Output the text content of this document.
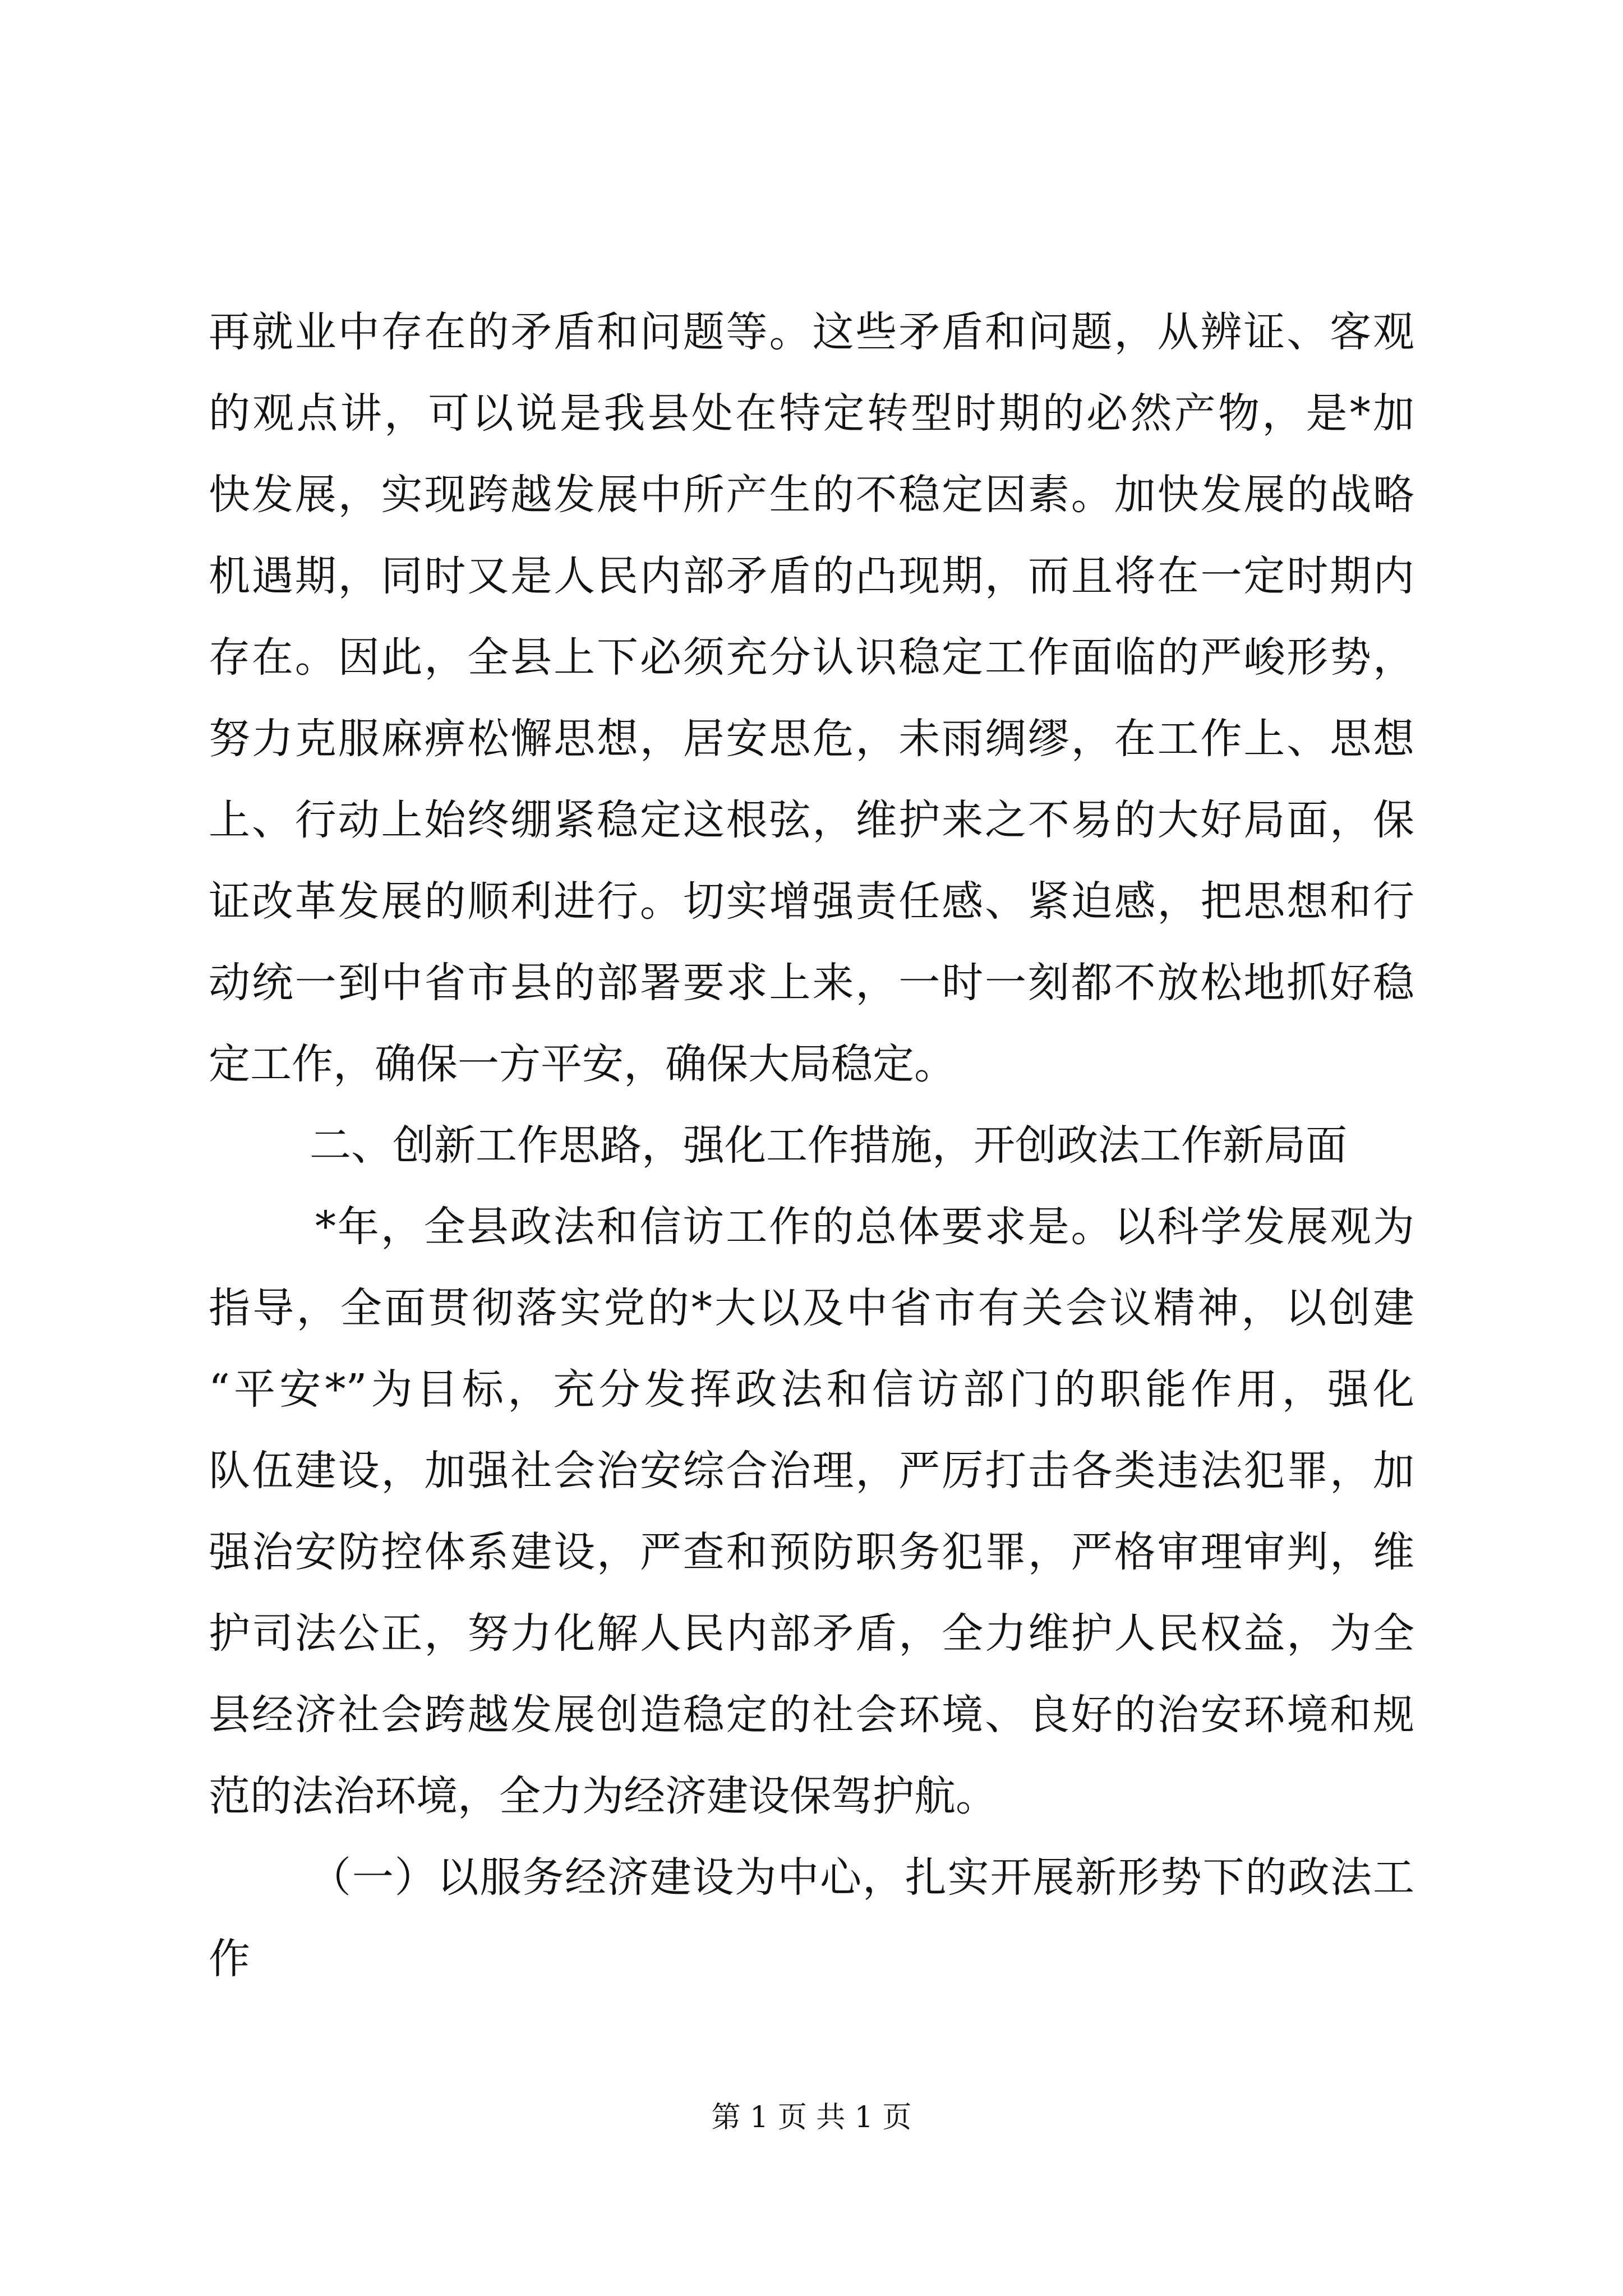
再就业中存在的矛盾和问题等。这些矛盾和问题，从辨证、客观
的观点讲，可以说是我县处在特定转型时期的必然产物，是*加
快发展，实现跨越发展中所产生的不稳定因素。加快发展的战略
机遇期，同时又是人民内部矛盾的凸现期，而且将在一定时期内
存在。因此，全县上下必须充分认识稳定工作面临的严峻形势，
努力克服麻痹松懈思想，居安思危，未雨绸缪，在工作上、思想
上、行动上始终绷紧稳定这根弦，维护来之不易的大好局面，保
证改革发展的顺利进行。切实增强责任感、紧迫感，把思想和行
动统一到中省市县的部署要求上来，一时一刻都不放松地抓好稳
定工作，确保一方平安，确保大局稳定。
二、创新工作思路，强化工作措施，开创政法工作新局面
*年，全县政法和信访工作的总体要求是。以科学发展观为
指导，全面贯彻落实党的*大以及中省市有关会议精神，以创建
“平安*”为目标，充分发挥政法和信访部门的职能作用，强化
队伍建设，加强社会治安综合治理，严厉打击各类违法犯罪，加
强治安防控体系建设，严查和预防职务犯罪，严格审理审判，维
护司法公正，努力化解人民内部矛盾，全力维护人民权益，为全
县经济社会跨越发展创造稳定的社会环境、良好的治安环境和规
范的法治环境，全力为经济建设保驾护航。
（一）以服务经济建设为中心，扎实开展新形势下的政法工
作
第 1 页 共 1 页
